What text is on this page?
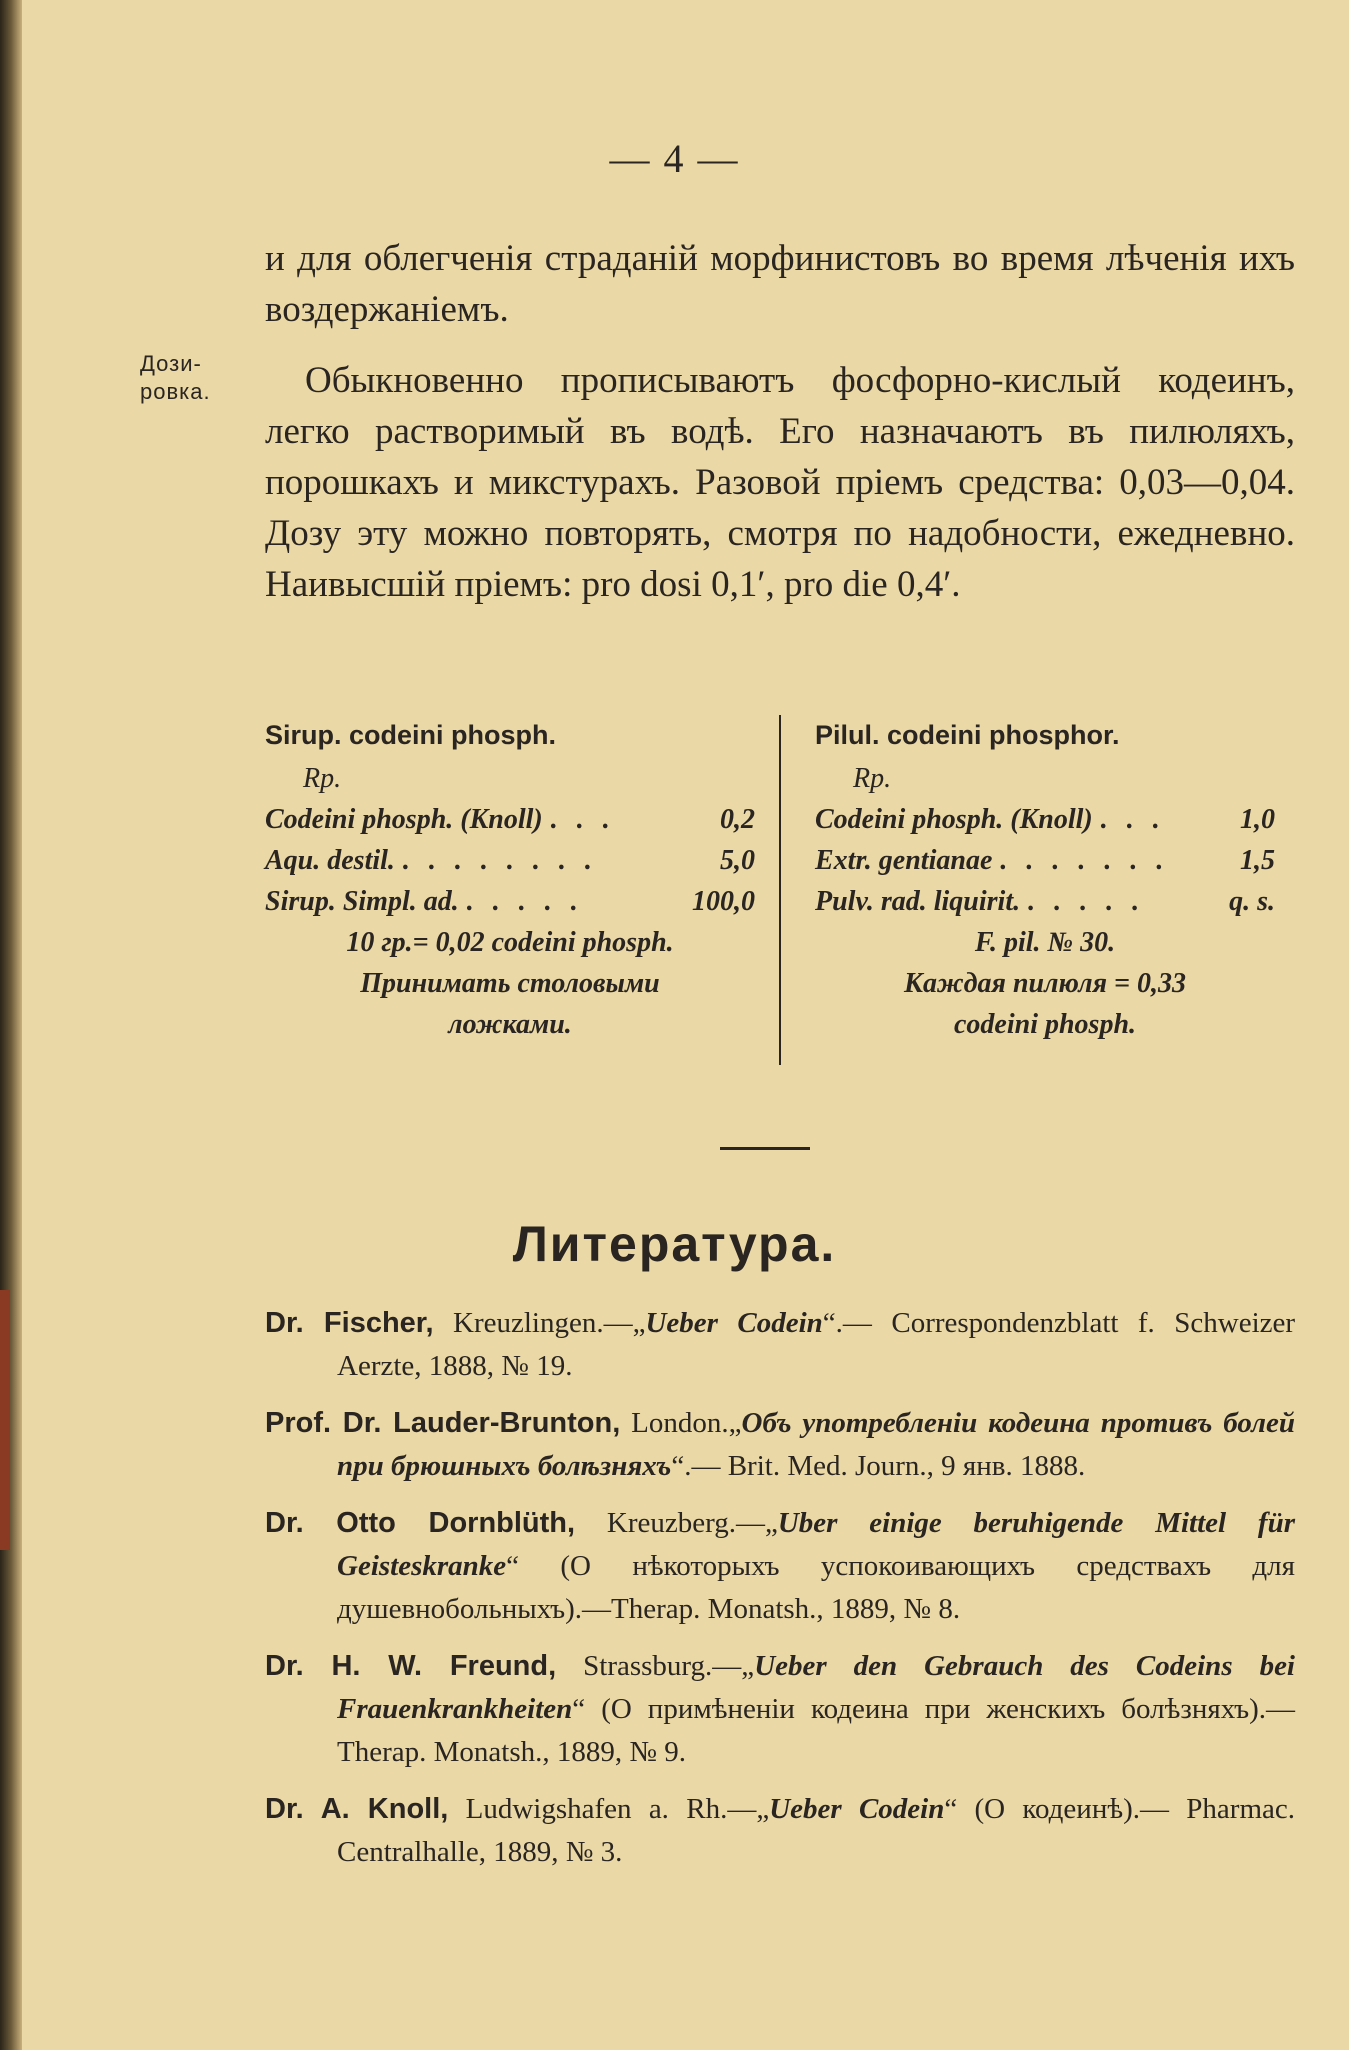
— 4 —
и для облегченія страданій морфинистовъ во время лѣченія ихъ воздержаніемъ.
Дози-ровка.	Обыкновенно прописываютъ фосфорно-кислый кодеинъ, легко растворимый въ водѣ. Его назначаютъ въ пилюляхъ, порошкахъ и микстурахъ. Разовой пріемъ средства: 0,03—0,04. Дозу эту можно повторять, смотря по надобности, ежедневно. Наивысшій пріемъ: pro dosi 0,1′, pro die 0,4′.
Sirup. codeini phosph.
Rp.
Codeini phosph. (Knoll) . . .	0,2
Aqu. destil. . . . . . . . .	5,0
Sirup. Simpl. ad. . . . . .	100,0
10 гр.= 0,02 codeini phosph.
Принимать столовыми
ложками.
Pilul. codeini phosphor.
Rp.
Codeini phosph. (Knoll) . . .	1,0
Extr. gentianae . . . . . . .	1,5
Pulv. rad. liquirit. . . . . .	q. s.
F. pil. № 30.
Каждая пилюля = 0,33
codeini phosph.
Литература.
Dr. Fischer, Kreuzlingen.—„Ueber Codein“.— Correspondenzblatt f. Schweizer Aerzte, 1888, № 19.
Prof. Dr. Lauder-Brunton, London.„Объ употребленіи кодеина противъ болей при брюшныхъ болѣзняхъ“.— Brit. Med. Journ., 9 янв. 1888.
Dr. Otto Dornblüth, Kreuzberg.—„Uber einige beruhigende Mittel für Geisteskranke“ (О нѣкоторыхъ успокоивающихъ средствахъ для душевнобольныхъ).—Therap. Monatsh., 1889, № 8.
Dr. H. W. Freund, Strassburg.—„Ueber den Gebrauch des Codeins bei Frauenkrankheiten“ (О примѣненіи кодеина при женскихъ болѣзняхъ).—Therap. Monatsh., 1889, № 9.
Dr. A. Knoll, Ludwigshafen a. Rh.—„Ueber Codein“ (О кодеинѣ).— Pharmac. Centralhalle, 1889, № 3.
